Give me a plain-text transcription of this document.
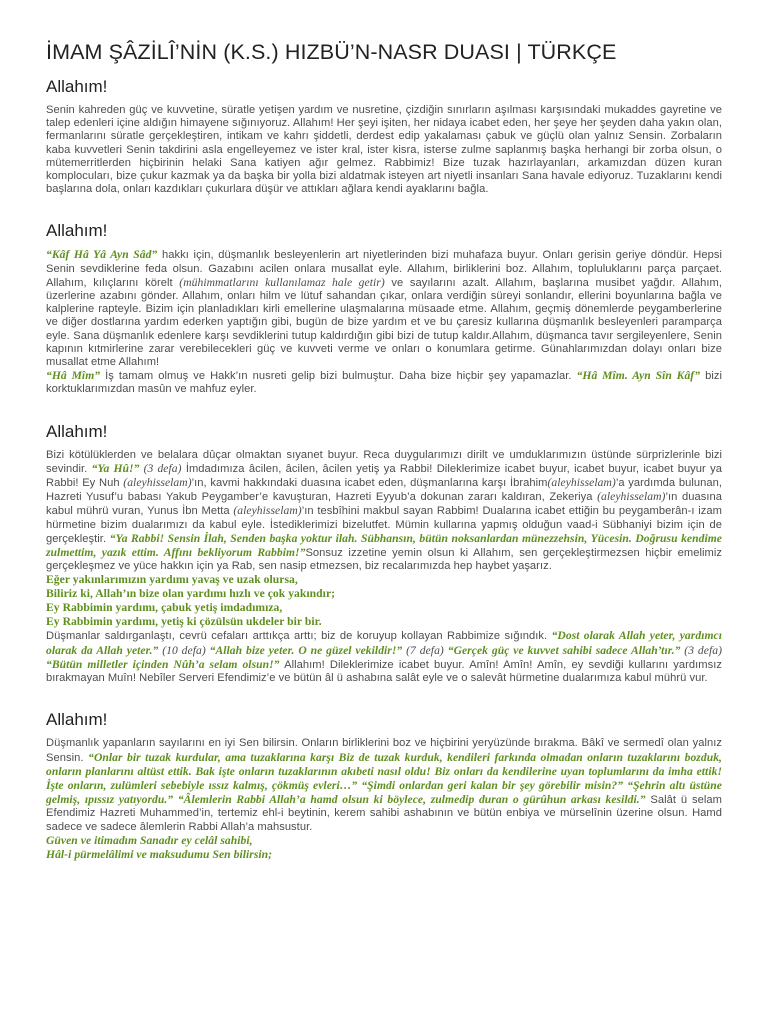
İMAM ŞÂZİLÎ’NİN (K.S.) HIZBÜ’N-NASR DUASI | TÜRKÇE
Allahım!

Senin kahreden güç ve kuvvetine, süratle yetişen yardım ve nusretine, çizdiğin sınırların aşılması karşısındaki mukaddes gayretine ve talep edenleri içine aldığın himayene sığınıyoruz. Allahım! Her şeyi işiten, her nidaya icabet eden, her şeye her şeyden daha yakın olan, fermanlarını süratle gerçekleştiren, intikam ve kahrı şiddetli, derdest edip yakalaması çabuk ve güçlü olan yalnız Sensin. Zorbaların kaba kuvvetleri Senin takdirini asla engelleyemez ve ister kral, ister kisra, isterse zulme saplanmış başka herhangi bir zorba olsun, o mütemerritlerden hiçbirinin helaki Sana katiyen ağır gelmez. Rabbimiz! Bize tuzak hazırlayanları, arkamızdan düzen kuran komplocuları, bize çukur kazmak ya da başka bir yolla bizi aldatmak isteyen art niyetli insanları Sana havale ediyoruz. Tuzaklarını kendi başlarına dola, onları kazdıkları çukurlara düşür ve attıkları ağlara kendi ayaklarını bağla.

Allahım!

“Kâf Hâ Yâ Ayn Sâd” hakkı için, düşmanlık besleyenlerin art niyetlerinden bizi muhafaza buyur. Onları gerisin geriye döndür. Hepsi Senin sevdiklerine feda olsun. Gazabını acilen onlara musallat eyle. Allahım, birliklerini boz. Allahım, topluluklarını parça parçaet. Allahım, kılıçlarını körelt (mühimmatlarını kullanılamaz hale getir) ve sayılarını azalt. Allahım, başlarına musibet yağdır. Allahım, üzerlerine azabını gönder. Allahım, onları hilm ve lütuf sahandan çıkar, onlara verdiğin süreyi sonlandır, ellerini boyunlarına bağla ve kalplerine rapteyle. Bizim için planladıkları kirli emellerine ulaşmalarına müsaade etme. Allahım, geçmiş dönemlerde peygamberlerine ve diğer dostlarına yardım ederken yaptığın gibi, bugün de bize yardım et ve bu çaresiz kullarına düşmanlık besleyenleri paramparça eyle. Sana düşmanlık edenlere karşı sevdiklerini tutup kaldırdığın gibi bizi de tutup kaldır.Allahım, düşmanca tavır sergileyenlere, Senin kapının kıtmirlerine zarar verebilecekleri güç ve kuvveti verme ve onları o konumlara getirme. Günahlarımızdan dolayı onları bize musallat etme Allahım!
“Hâ Mîm” İş tamam olmuş ve Hakk’ın nusreti gelip bizi bulmuştur. Daha bize hiçbir şey yapamazlar. “Hâ Mîm. Ayn Sîn Kâf” bizi korktuklarımızdan masûn ve mahfuz eyler.

Allahım!

Bizi kötülüklerden ve belalara dûçar olmaktan sıyanet buyur. Reca duygularımızı dirilt ve umduklarımızın üstünde sürprizlerinle bizi sevindir. “Ya Hû!” (3 defa) İmdadımıza âcilen, âcilen, âcilen yetiş ya Rabbi! Dileklerimize icabet buyur, icabet buyur, icabet buyur ya Rabbi! Ey Nuh (aleyhisselam)’ın, kavmi hakkındaki duasına icabet eden, düşmanlarına karşı İbrahim(aleyhisselam)’a yardımda bulunan, Hazreti Yusuf’u babası Yakub Peygamber’e kavuşturan, Hazreti Eyyub’a dokunan zararı kaldıran, Zekeriya (aleyhisselam)’ın duasına kabul mührü vuran, Yunus İbn Metta (aleyhisselam)’ın tesbîhini makbul sayan Rabbim! Dualarına icabet ettiğin bu peygamberân-ı izam hürmetine bizim dualarımızı da kabul eyle. İstediklerimizi bizelutfet. Mümin kullarına yapmış olduğun vaad-i Sübhaniyi bizim için de gerçekleştir. “Ya Rabbi! Sensin İlah, Senden başka yoktur ilah. Sübhansın, bütün noksanlardan münezzehsin, Yücesin. Doğrusu kendime zulmettim, yazık ettim. Affını bekliyorum Rabbim!”Sonsuz izzetine yemin olsun ki Allahım, sen gerçekleştirmezsen hiçbir emelimiz gerçekleşmez ve yüce hakkın için ya Rab, sen nasip etmezsen, biz recalarımızda hep haybet yaşarız.
Eğer yakınlarımızın yardımı yavaş ve uzak olursa,
Biliriz ki, Allah’ın bize olan yardımı hızlı ve çok yakındır;
Ey Rabbimin yardımı, çabuk yetiş imdadımıza,
Ey Rabbimin yardımı, yetiş ki çözülsün ukdeler bir bir.
Düşmanlar saldırganlaştı, cevrü cefaları arttıkça arttı; biz de koruyup kollayan Rabbimize sığındık. “Dost olarak Allah yeter, yardımcı olarak da Allah yeter.” (10 defa) “Allah bize yeter. O ne güzel vekildir!” (7 defa) “Gerçek güç ve kuvvet sahibi sadece Allah’tır.” (3 defa) “Bütün milletler içinden Nûh’a selam olsun!” Allahım! Dileklerimize icabet buyur. Amîn! Amîn! Amîn, ey sevdiği kullarını yardımsız bırakmayan Muîn! Nebîler Serveri Efendimiz’e ve bütün âl ü ashabına salât eyle ve o salevât hürmetine dualarımıza kabul mührü vur.

Allahım!

Düşmanlık yapanların sayılarını en iyi Sen bilirsin. Onların birliklerini boz ve hiçbirini yeryüzünde bırakma. Bâkî ve sermedî olan yalnız Sensin. “Onlar bir tuzak kurdular, ama tuzaklarına karşı Biz de tuzak kurduk, kendileri farkında olmadan onların tuzaklarını bozduk, onların planlarını altüst ettik. Bak işte onların tuzaklarının akıbeti nasıl oldu! Biz onları da kendilerine uyan toplumlarını da imha ettik! İşte onların, zulümleri sebebiyle ıssız kalmış, çökmüş evleri…” “Şimdi onlardan geri kalan bir şey görebilir misin?” “Şehrin altı üstüne gelmiş, ıpıssız yatıyordu.” “Âlemlerin Rabbi Allah’a hamd olsun ki böylece, zulmedip duran o gürûhun arkası kesildi.” Salât ü selam Efendimiz Hazreti Muhammed’in, tertemiz ehl-i beytinin, kerem sahibi ashabının ve bütün enbiya ve mürselînin üzerine olsun. Hamd sadece ve sadece âlemlerin Rabbi Allah’a mahsustur.
Güven ve itimadım Sanadır ey celâl sahibi,
Hâl-i pürmelâlimi ve maksudumu Sen bilirsin;
